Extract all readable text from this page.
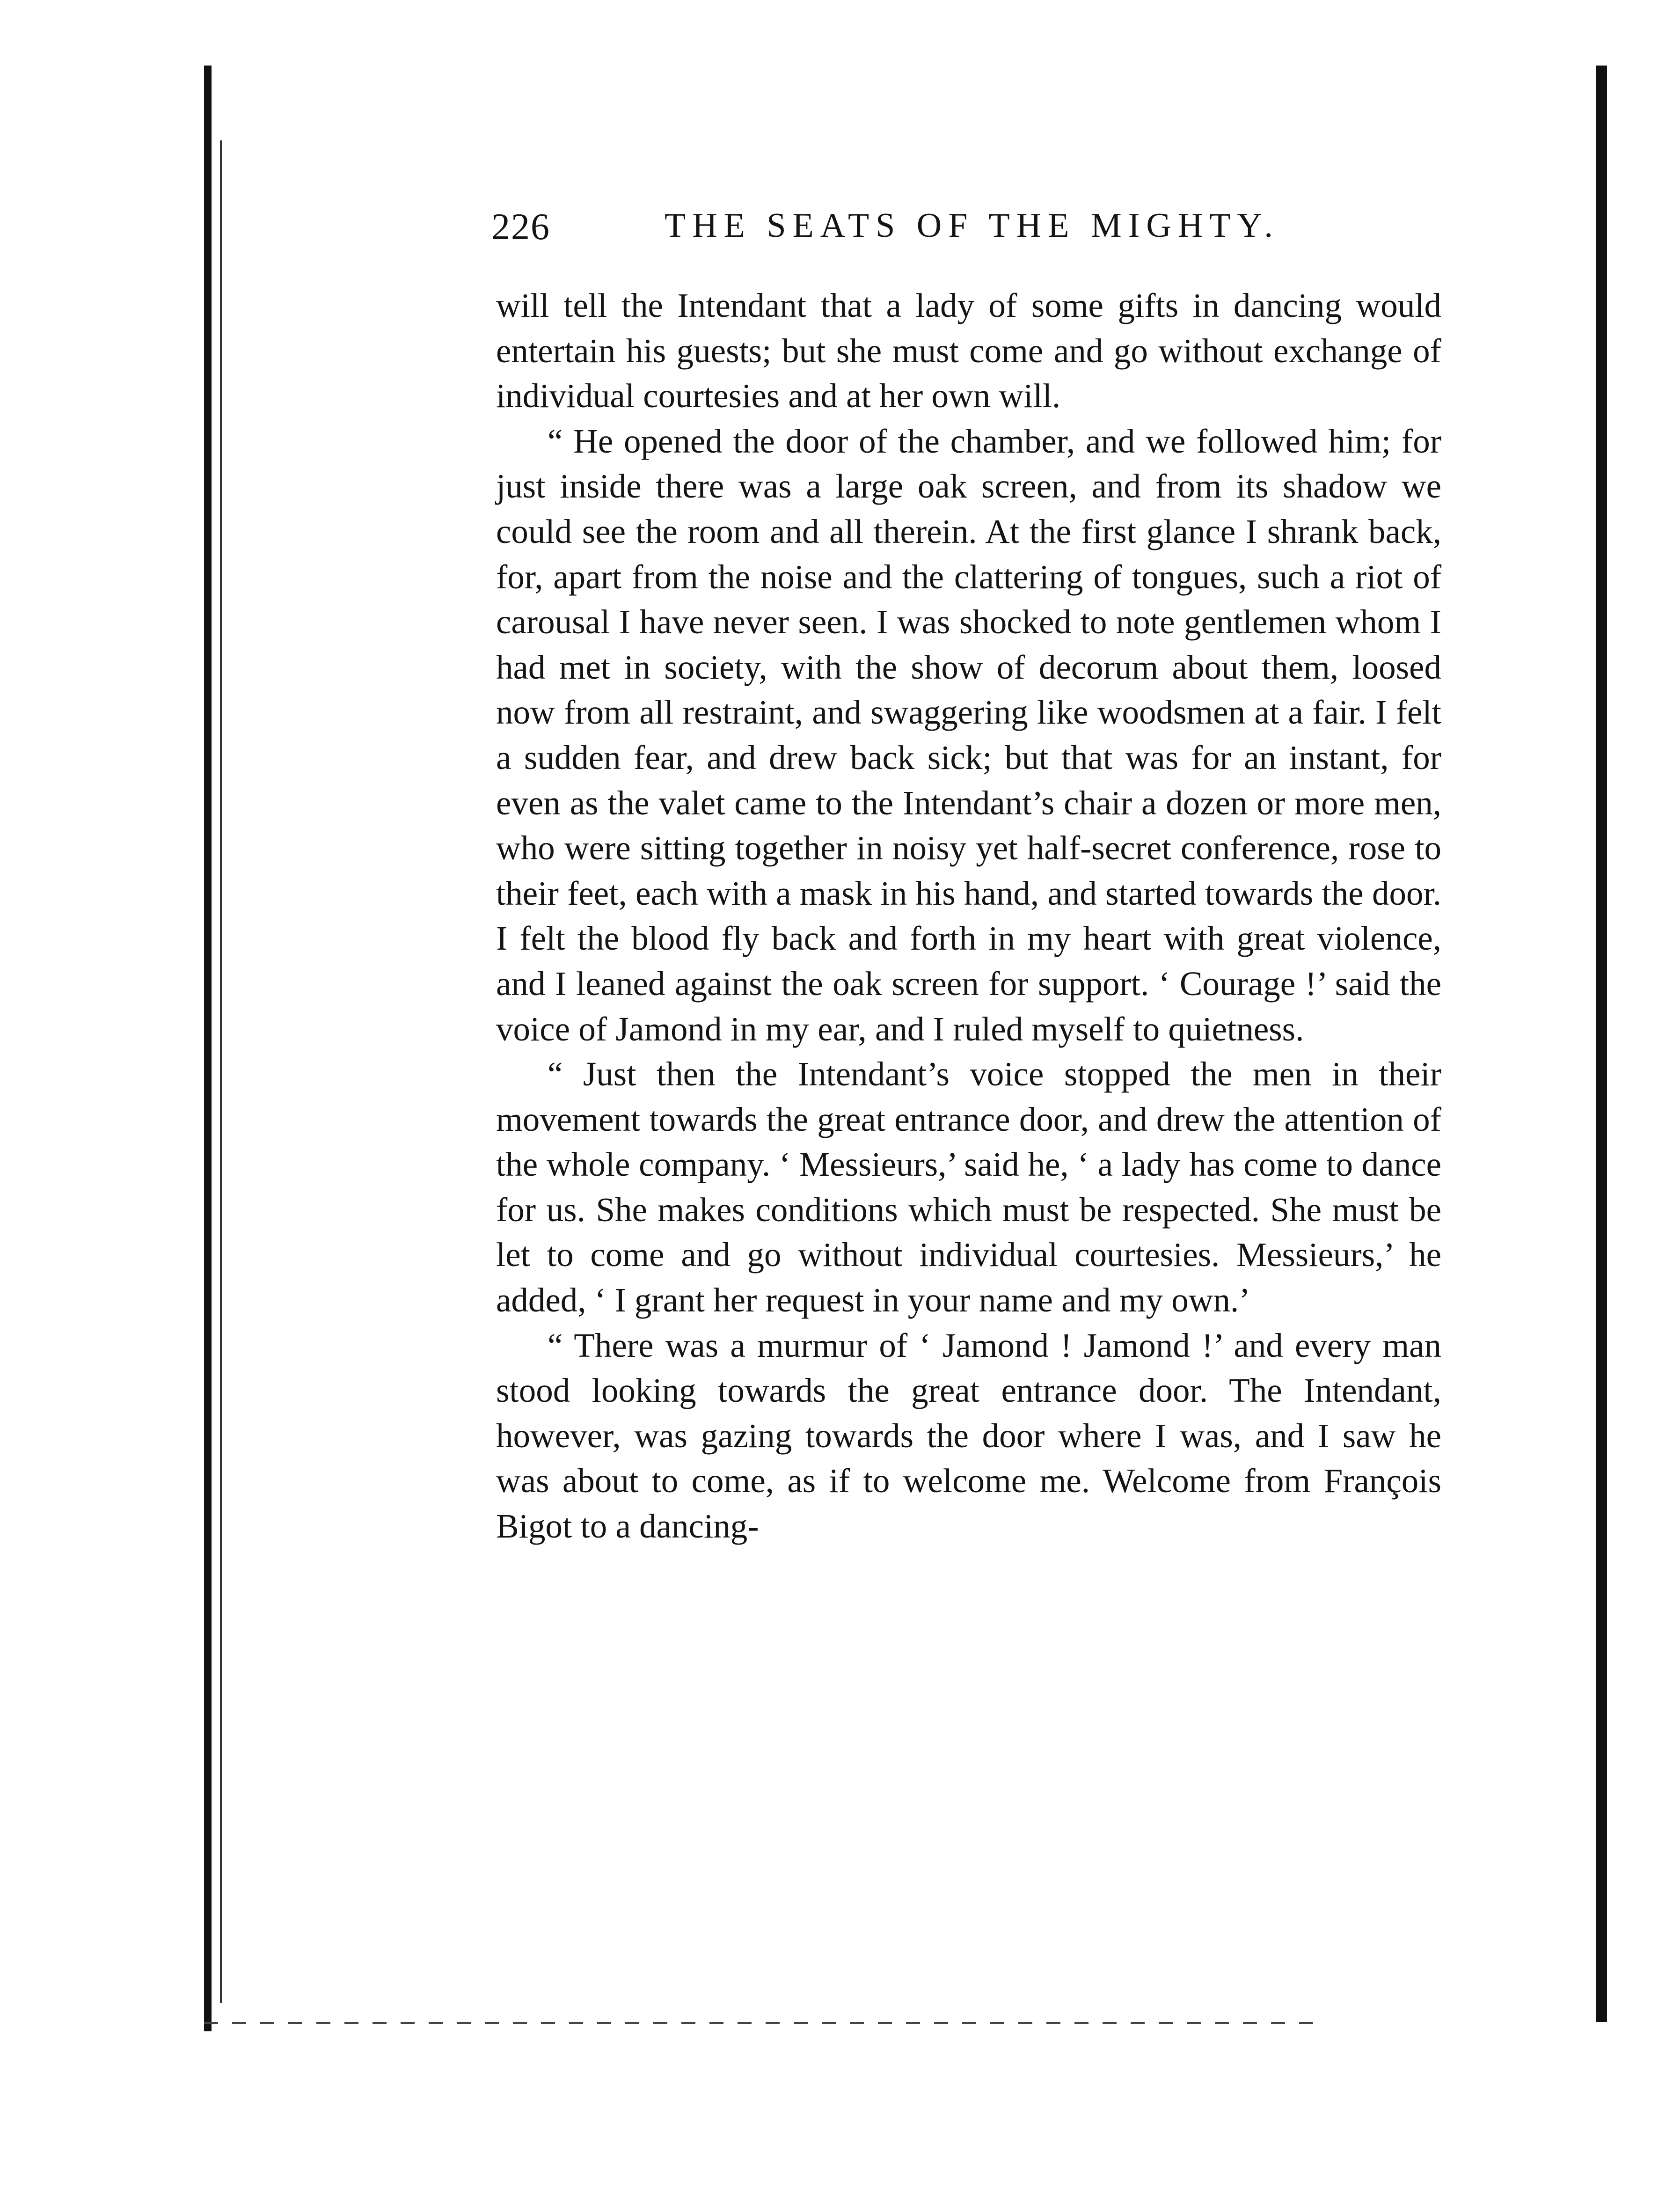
226	THE SEATS OF THE MIGHTY.

will tell the Intendant that a lady of some gifts in dancing would entertain his guests; but she must come and go without exchange of individual courtesies and at her own will.

“ He opened the door of the chamber, and we followed him; for just inside there was a large oak screen, and from its shadow we could see the room and all therein. At the first glance I shrank back, for, apart from the noise and the clattering of tongues, such a riot of carousal I have never seen. I was shocked to note gentlemen whom I had met in society, with the show of decorum about them, loosed now from all restraint, and swaggering like woodsmen at a fair. I felt a sudden fear, and drew back sick; but that was for an instant, for even as the valet came to the Intendant’s chair a dozen or more men, who were sitting together in noisy yet half-secret conference, rose to their feet, each with a mask in his hand, and started towards the door. I felt the blood fly back and forth in my heart with great violence, and I leaned against the oak screen for support. ‘ Courage !’ said the voice of Jamond in my ear, and I ruled myself to quietness.

“ Just then the Intendant’s voice stopped the men in their movement towards the great entrance door, and drew the attention of the whole company. ‘ Messieurs,’ said he, ‘ a lady has come to dance for us. She makes conditions which must be respected. She must be let to come and go without individual courtesies. Messieurs,’ he added, ‘ I grant her request in your name and my own.’

“ There was a murmur of ‘ Jamond ! Jamond !’ and every man stood looking towards the great entrance door. The Intendant, however, was gazing towards the door where I was, and I saw he was about to come, as if to welcome me. Welcome from François Bigot to a dancing-
